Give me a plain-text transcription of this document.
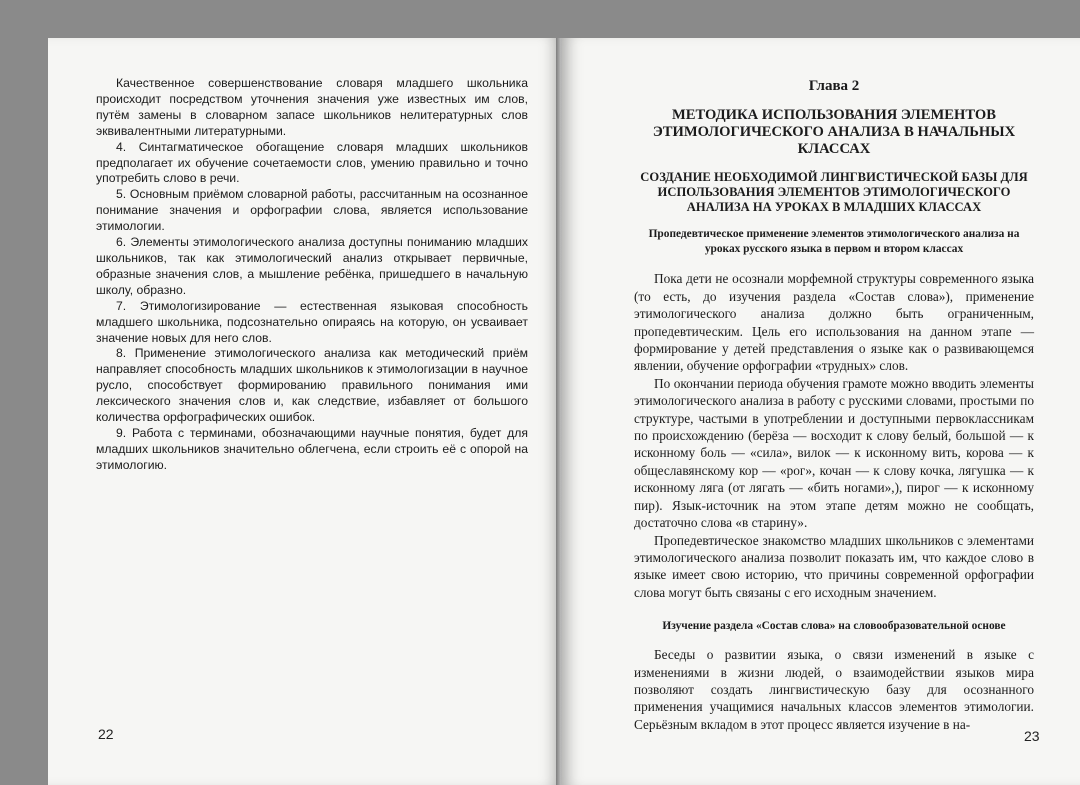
Качественное совершенствование словаря младшего школьника происходит посредством уточнения значения уже известных им слов, путём замены в словарном запасе школьников нелитературных слов эквивалентными литературными.

4. Синтагматическое обогащение словаря младших школьников предполагает их обучение сочетаемости слов, умению правильно и точно употребить слово в речи.

5. Основным приёмом словарной работы, рассчитанным на осознанное понимание значения и орфографии слова, является использование этимологии.

6. Элементы этимологического анализа доступны пониманию младших школьников, так как этимологический анализ открывает первичные, образные значения слов, а мышление ребёнка, пришедшего в начальную школу, образно.

7. Этимологизирование — естественная языковая способность младшего школьника, подсознательно опираясь на которую, он усваивает значение новых для него слов.

8. Применение этимологического анализа как методический приём направляет способность младших школьников к этимологизации в научное русло, способствует формированию правильного понимания ими лексического значения слов и, как следствие, избавляет от большого количества орфографических ошибок.

9. Работа с терминами, обозначающими научные понятия, будет для младших школьников значительно облегчена, если строить её с опорой на этимологию.

22
Глава 2
МЕТОДИКА ИСПОЛЬЗОВАНИЯ ЭЛЕМЕНТОВ ЭТИМОЛОГИЧЕСКОГО АНАЛИЗА В НАЧАЛЬНЫХ КЛАССАХ
СОЗДАНИЕ НЕОБХОДИМОЙ ЛИНГВИСТИЧЕСКОЙ БАЗЫ ДЛЯ ИСПОЛЬЗОВАНИЯ ЭЛЕМЕНТОВ ЭТИМОЛОГИЧЕСКОГО АНАЛИЗА НА УРОКАХ В МЛАДШИХ КЛАССАХ
Пропедевтическое применение элементов этимологического анализа на уроках русского языка в первом и втором классах

Пока дети не осознали морфемной структуры современного языка (то есть, до изучения раздела «Состав слова»), применение этимологического анализа должно быть ограниченным, пропедевтическим. Цель его использования на данном этапе — формирование у детей представления о языке как о развивающемся явлении, обучение орфографии «трудных» слов.

По окончании периода обучения грамоте можно вводить элементы этимологического анализа в работу с русскими словами, простыми по структуре, частыми в употреблении и доступными первоклассникам по происхождению (берёза — восходит к слову белый, большой — к исконному боль — «сила», вилок — к исконному вить, корова — к общеславянскому кор — «рог», кочан — к слову кочка, лягушка — к исконному ляга (от лягать — «бить ногами»,), пирог — к исконному пир). Язык-источник на этом этапе детям можно не сообщать, достаточно слова «в старину».

Пропедевтическое знакомство младших школьников с элементами этимологического анализа позволит показать им, что каждое слово в языке имеет свою историю, что причины современной орфографии слова могут быть связаны с его исходным значением.

Изучение раздела «Состав слова» на словообразовательной основе

Беседы о развитии языка, о связи изменений в языке с изменениями в жизни людей, о взаимодействии языков мира позволяют создать лингвистическую базу для осознанного применения учащимися начальных классов элементов этимологии. Серьёзным вкладом в этот процесс является изучение в на-

23
